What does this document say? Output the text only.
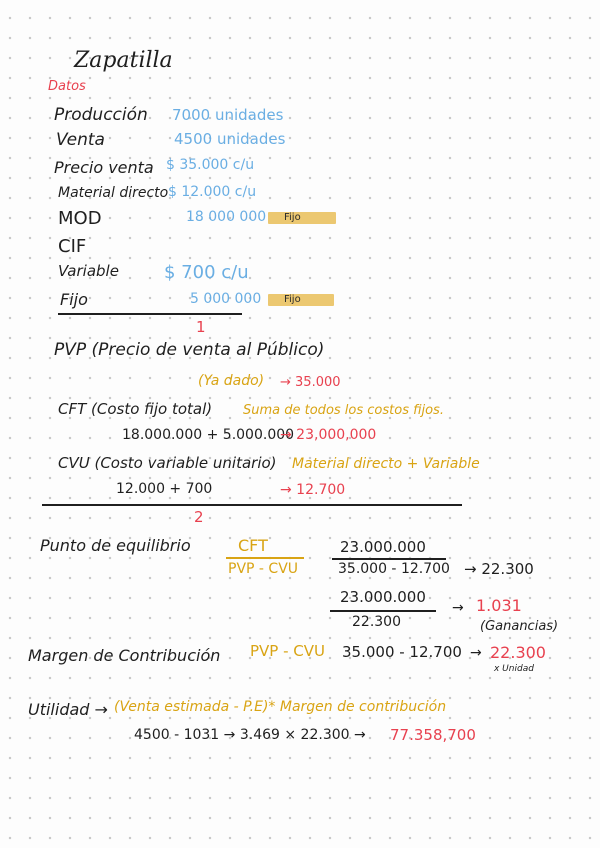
Zapatilla
Datos
Producción 7000 unidades
Venta	4500 unidades
Precio venta $ 35.000 c/u
Material directo $ 12.000 c/u
MOD	18 000 000	Fijo
CIF
Variable	$ 700 c/u
Fijo	5 000 000	Fijo
1
PVP (Precio de venta al Público)
(Ya dado) → 35.000
CFT (Costo fijo total) Suma de todos los costos fijos.
18.000.000 + 5.000.000
→ 23,000,000
CVU (Costo variable unitario) Material directo + Variable
12.000 + 700	→ 12.700
2
Punto de equilibrio	CFT
PVP - CVU
23.000.000
35.000 - 12.700 → 22.300
23.000.000
22.300
→ 1.031
(Ganancias)
Margen de Contribución PVP - CVU 35.000 - 12.700 → 22.300
x Unidad
Utilidad → (Venta estimada - P.E)* Margen de contribución
4500 - 1031 → 3.469 × 22.300 → 77.358,700
